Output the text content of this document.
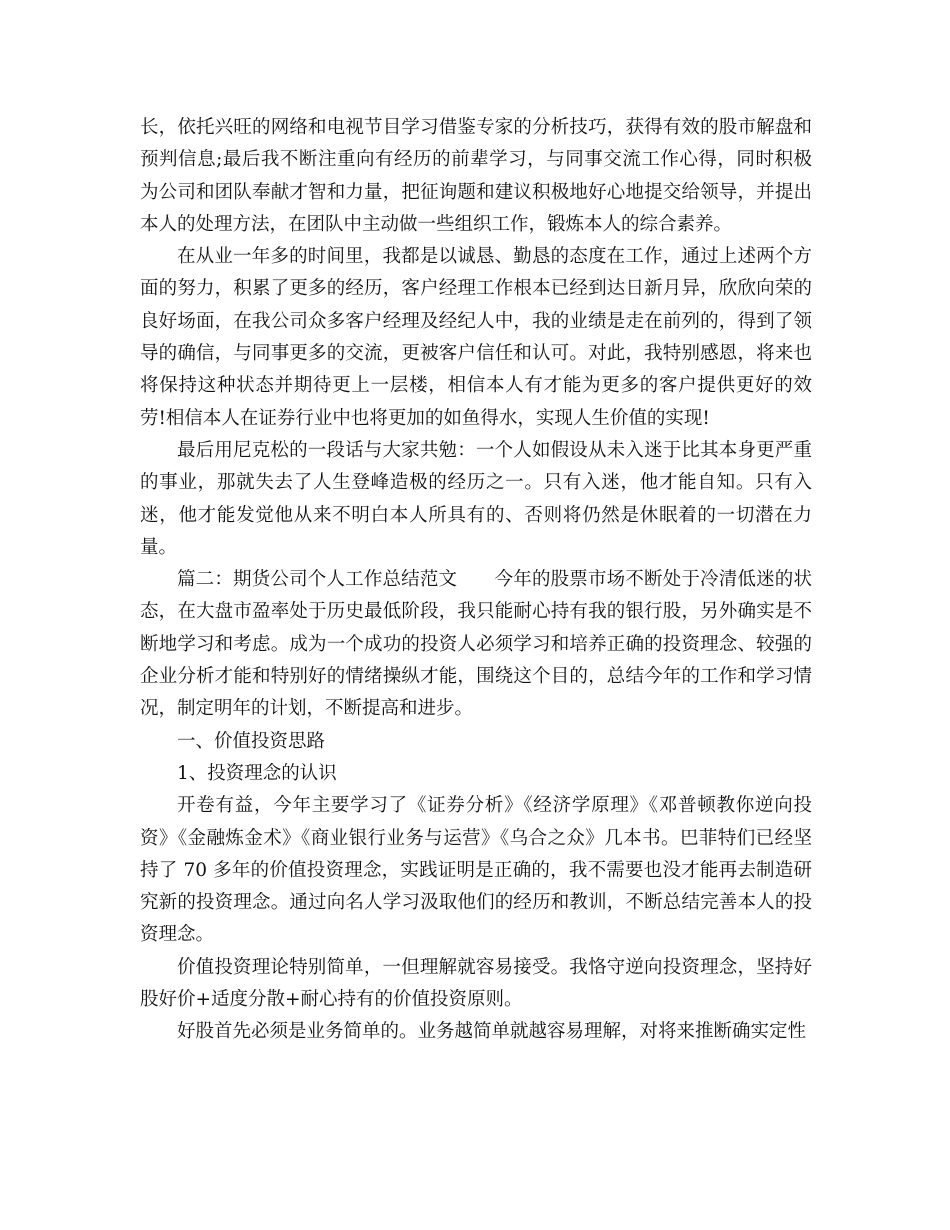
长，依托兴旺的网络和电视节目学习借鉴专家的分析技巧，获得有效的股市解盘和预判信息;最后我不断注重向有经历的前辈学习，与同事交流工作心得，同时积极为公司和团队奉献才智和力量，把征询题和建议积极地好心地提交给领导，并提出本人的处理方法，在团队中主动做一些组织工作，锻炼本人的综合素养。

在从业一年多的时间里，我都是以诚恳、勤恳的态度在工作，通过上述两个方面的努力，积累了更多的经历，客户经理工作根本已经到达日新月异，欣欣向荣的良好场面，在我公司众多客户经理及经纪人中，我的业绩是走在前列的，得到了领导的确信，与同事更多的交流，更被客户信任和认可。对此，我特别感恩，将来也将保持这种状态并期待更上一层楼，相信本人有才能为更多的客户提供更好的效劳!相信本人在证券行业中也将更加的如鱼得水，实现人生价值的实现!

最后用尼克松的一段话与大家共勉：一个人如假设从未入迷于比其本身更严重的事业，那就失去了人生登峰造极的经历之一。只有入迷，他才能自知。只有入迷，他才能发觉他从来不明白本人所具有的、否则将仍然是休眠着的一切潜在力量。

篇二：期货公司个人工作总结范文　　今年的股票市场不断处于冷清低迷的状态，在大盘市盈率处于历史最低阶段，我只能耐心持有我的银行股，另外确实是不断地学习和考虑。成为一个成功的投资人必须学习和培养正确的投资理念、较强的企业分析才能和特别好的情绪操纵才能，围绕这个目的，总结今年的工作和学习情况，制定明年的计划，不断提高和进步。

一、价值投资思路

1、投资理念的认识

开卷有益，今年主要学习了《证券分析》《经济学原理》《邓普顿教你逆向投资》《金融炼金术》《商业银行业务与运营》《乌合之众》几本书。巴菲特们已经坚持了 70 多年的价值投资理念，实践证明是正确的，我不需要也没才能再去制造研究新的投资理念。通过向名人学习汲取他们的经历和教训，不断总结完善本人的投资理念。

价值投资理论特别简单，一但理解就容易接受。我恪守逆向投资理念，坚持好股好价+适度分散+耐心持有的价值投资原则。

好股首先必须是业务简单的。业务越简单就越容易理解，对将来推断确实定性
